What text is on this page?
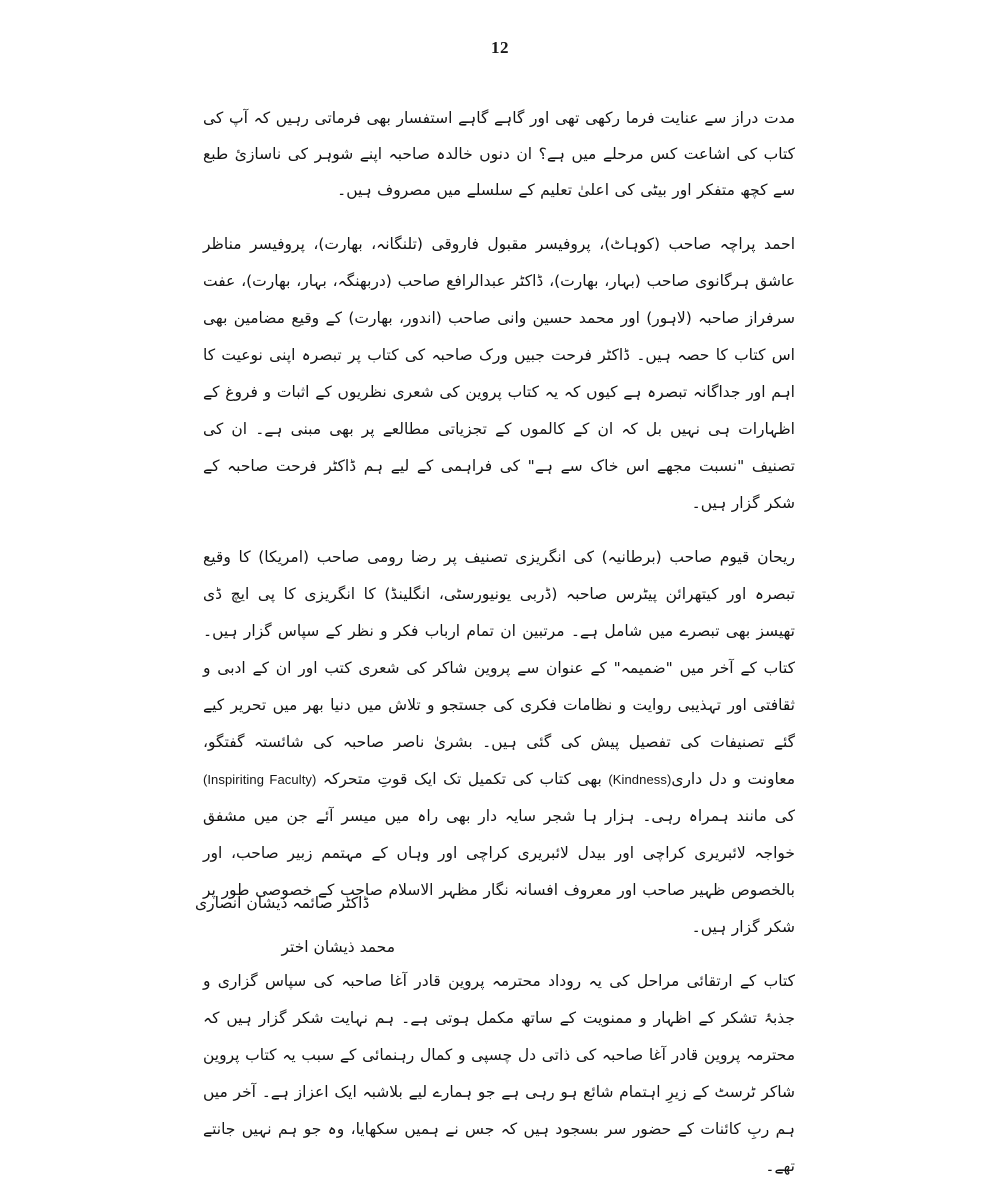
12

مدت دراز سے عنایت فرما رکھی تھی اور گاہے گاہے استفسار بھی فرماتی رہیں کہ آپ کی کتاب کی اشاعت کس مرحلے میں ہے؟ ان دنوں خالدہ صاحبہ اپنے شوہر کی ناسازیٔ طبع سے کچھ متفکر اور بیٹی کی اعلیٰ تعلیم کے سلسلے میں مصروف ہیں۔

احمد پراچہ صاحب (کوہاٹ)، پروفیسر مقبول فاروقی (تلنگانہ، بھارت)، پروفیسر مناظر عاشق ہرگانوی صاحب (بہار، بھارت)، ڈاکٹر عبدالرافع صاحب (دربھنگہ، بہار، بھارت)، عفت سرفراز صاحبہ (لاہور) اور محمد حسین وانی صاحب (اندور، بھارت) کے وقیع مضامین بھی اس کتاب کا حصہ ہیں۔ ڈاکٹر فرحت جبیں ورک صاحبہ کی کتاب پر تبصرہ اپنی نوعیت کا اہم اور جداگانہ تبصرہ ہے کیوں کہ یہ کتاب پروین کی شعری نظریوں کے اثبات و فروغ کے اظہارات ہی نہیں بل کہ ان کے کالموں کے تجزیاتی مطالعے پر بھی مبنی ہے۔ ان کی تصنیف "نسبت مجھے اس خاک سے ہے" کی فراہمی کے لیے ہم ڈاکٹر فرحت صاحبہ کے شکر گزار ہیں۔

ریحان قیوم صاحب (برطانیہ) کی انگریزی تصنیف پر رضا رومی صاحب (امریکا) کا وقیع تبصرہ اور کیتھرائن پیٹرس صاحبہ (ڈربی یونیورسٹی، انگلینڈ) کا انگریزی کا پی ایچ ڈی تھیسز بھی تبصرے میں شامل ہے۔ مرتبین ان تمام ارباب فکر و نظر کے سپاس گزار ہیں۔ کتاب کے آخر میں "ضمیمہ" کے عنوان سے پروین شاکر کی شعری کتب اور ان کے ادبی و ثقافتی اور تہذیبی روایت و نظامات فکری کی جستجو و تلاش میں دنیا بھر میں تحریر کیے گئے تصنیفات کی تفصیل پیش کی گئی ہیں۔ بشریٰ ناصر صاحبہ کی شائستہ گفتگو، معاونت و دل داری(Kindness) بھی کتاب کی تکمیل تک ایک قوتِ متحرکہ (Inspiriting Faculty) کی مانند ہمراہ رہی۔ ہزار ہا شجر سایہ دار بھی راہ میں میسر آئے جن میں مشفق خواجہ لائبریری کراچی اور بیدل لائبریری کراچی اور وہاں کے مہتمم زبیر صاحب، اور بالخصوص ظہیر صاحب اور معروف افسانہ نگار مظہر الاسلام صاحب کے خصوصی طور پر شکر گزار ہیں۔

کتاب کے ارتقائی مراحل کی یہ روداد محترمہ پروین قادر آغا صاحبہ کی سپاس گزاری و جذبۂ تشکر کے اظہار و ممنویت کے ساتھ مکمل ہوتی ہے۔ ہم نہایت شکر گزار ہیں کہ محترمہ پروین قادر آغا صاحبہ کی ذاتی دل چسپی و کمال رہنمائی کے سبب یہ کتاب پروین شاکر ٹرسٹ کے زیرِ اہتمام شائع ہو رہی ہے جو ہمارے لیے بلاشبہ ایک اعزاز ہے۔ آخر میں ہم ربِ کائنات کے حضور سر بسجود ہیں کہ جس نے ہمیں سکھایا، وہ جو ہم نہیں جانتے تھے۔

ڈاکٹر صائمہ ذیشان انصاری
محمد ذیشان اختر
